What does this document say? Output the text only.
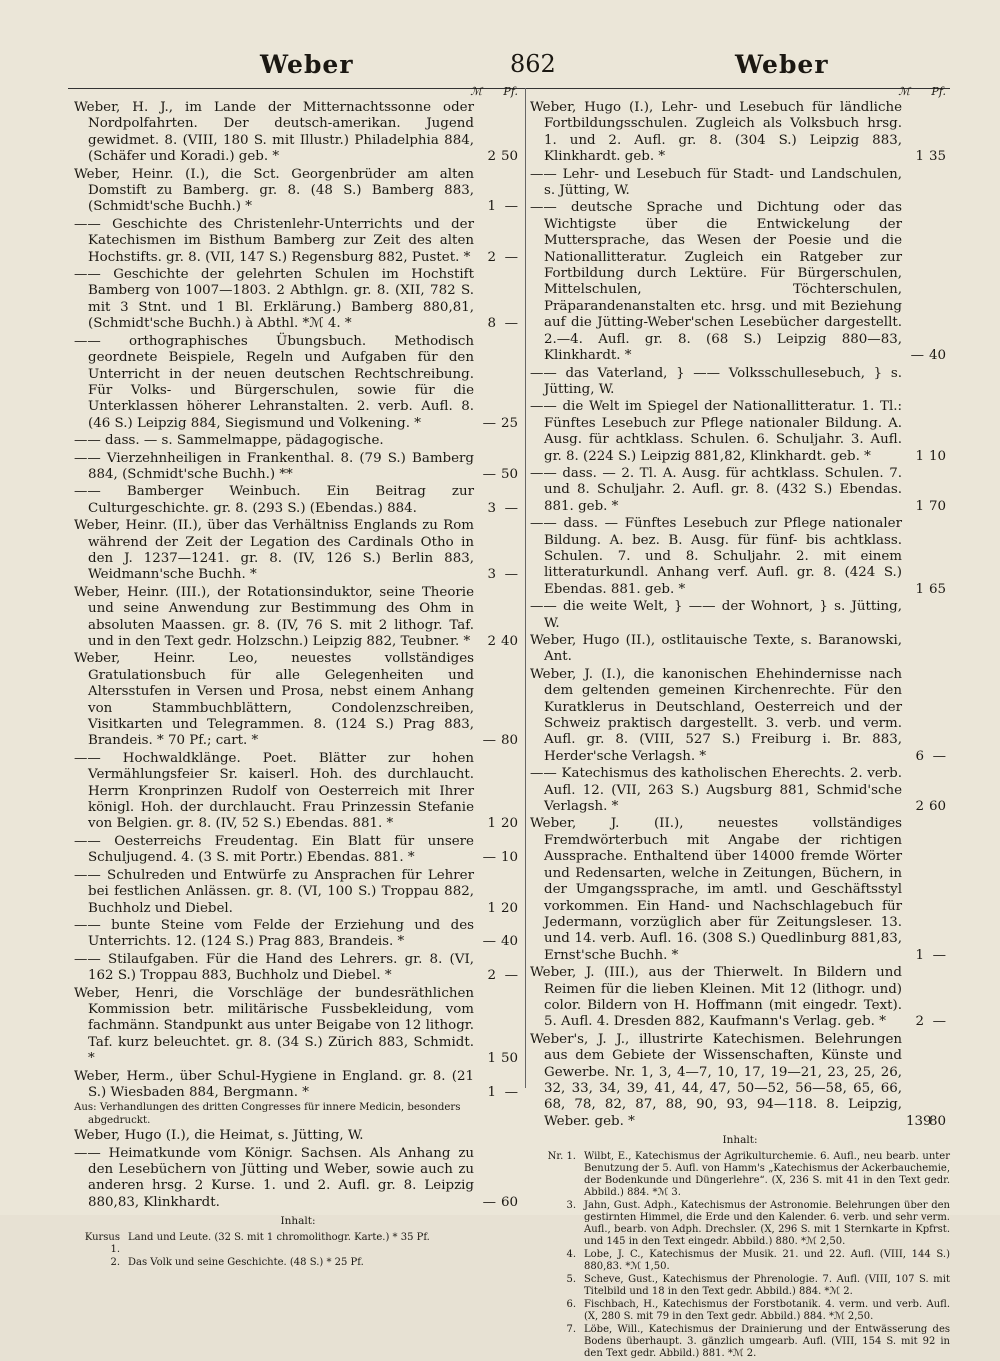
Weber	862	Weber
ℳ Pf.
Weber, H. J., im Lande der Mitternachtssonne oder Nordpolfahrten. Der deutsch-amerikan. Jugend gewidmet. 8. (VIII, 180 S. mit Illustr.) Philadelphia 884, (Schäfer und Koradi.) geb. *	2 50
Weber, Heinr. (I.), die Sct. Georgenbrüder am alten Domstift zu Bamberg. gr. 8. (48 S.) Bamberg 883, (Schmidt'sche Buchh.) *	1 —
—— Geschichte des Christenlehr-Unterrichts und der Katechismen im Bisthum Bamberg zur Zeit des alten Hochstifts. gr. 8. (VII, 147 S.) Regensburg 882, Pustet. *	2 —
—— Geschichte der gelehrten Schulen im Hochstift Bamberg von 1007—1803. 2 Abthlgn. gr. 8. (XII, 782 S. mit 3 Stnt. und 1 Bl. Erklärung.) Bamberg 880,81, (Schmidt'sche Buchh.) à Abthl. *ℳ 4. *	8 —
—— orthographisches Übungsbuch. Methodisch geordnete Beispiele, Regeln und Aufgaben für den Unterricht in der neuen deutschen Rechtschreibung. Für Volks- und Bürgerschulen, sowie für die Unterklassen höherer Lehranstalten. 2. verb. Aufl. 8. (46 S.) Leipzig 884, Siegismund und Volkening. *	— 25
—— dass. — s. Sammelmappe, pädagogische.
—— Vierzehnheiligen in Frankenthal. 8. (79 S.) Bamberg 884, (Schmidt'sche Buchh.) **	— 50
—— Bamberger Weinbuch. Ein Beitrag zur Culturgeschichte. gr. 8. (293 S.) (Ebendas.) 884.	3 —
Weber, Heinr. (II.), über das Verhältniss Englands zu Rom während der Zeit der Legation des Cardinals Otho in den J. 1237—1241. gr. 8. (IV, 126 S.) Berlin 883, Weidmann'sche Buchh. *	3 —
Weber, Heinr. (III.), der Rotationsinduktor, seine Theorie und seine Anwendung zur Bestimmung des Ohm in absoluten Maassen. gr. 8. (IV, 76 S. mit 2 lithogr. Taf. und in den Text gedr. Holzschn.) Leipzig 882, Teubner. *	2 40
Weber, Heinr. Leo, neuestes vollständiges Gratulationsbuch für alle Gelegenheiten und Altersstufen in Versen und Prosa, nebst einem Anhang von Stammbuchblättern, Condolenzschreiben, Visitkarten und Telegrammen. 8. (124 S.) Prag 883, Brandeis. * 70 Pf.; cart. *	— 80
—— Hochwaldklänge. Poet. Blätter zur hohen Vermählungsfeier Sr. kaiserl. Hoh. des durchlaucht. Herrn Kronprinzen Rudolf von Oesterreich mit Ihrer königl. Hoh. der durchlaucht. Frau Prinzessin Stefanie von Belgien. gr. 8. (IV, 52 S.) Ebendas. 881. *	1 20
—— Oesterreichs Freudentag. Ein Blatt für unsere Schuljugend. 4. (3 S. mit Portr.) Ebendas. 881. *	— 10
—— Schulreden und Entwürfe zu Ansprachen für Lehrer bei festlichen Anlässen. gr. 8. (VI, 100 S.) Troppau 882, Buchholz und Diebel.	1 20
—— bunte Steine vom Felde der Erziehung und des Unterrichts. 12. (124 S.) Prag 883, Brandeis. *	— 40
—— Stilaufgaben. Für die Hand des Lehrers. gr. 8. (VI, 162 S.) Troppau 883, Buchholz und Diebel. *	2 —
Weber, Henri, die Vorschläge der bundesräthlichen Kommission betr. militärische Fussbekleidung, vom fachmänn. Standpunkt aus unter Beigabe von 12 lithogr. Taf. kurz beleuchtet. gr. 8. (34 S.) Zürich 883, Schmidt. *	1 50
Weber, Herm., über Schul-Hygiene in England. gr. 8. (21 S.) Wiesbaden 884, Bergmann. *	1 —
Aus: Verhandlungen des dritten Congresses für innere Medicin, besonders abgedruckt.
Weber, Hugo (I.), die Heimat, s. Jütting, W.
—— Heimatkunde vom Königr. Sachsen. Als Anhang zu den Lesebüchern von Jütting und Weber, sowie auch zu anderen hrsg. 2 Kurse. 1. und 2. Aufl. gr. 8. Leipzig 880,83, Klinkhardt.	— 60
Inhalt:
Kursus 1.
Land und Leute. (32 S. mit 1 chromolithogr. Karte.) * 35 Pf.
2. Das Volk und seine Geschichte. (48 S.) * 25 Pf.
ℳ Pf.
Weber, Hugo (I.), Lehr- und Lesebuch für ländliche Fortbildungsschulen. Zugleich als Volksbuch hrsg. 1. und 2. Aufl. gr. 8. (304 S.) Leipzig 883, Klinkhardt. geb. *	1 35
—— Lehr- und Lesebuch für Stadt- und Landschulen, s. Jütting, W.
—— deutsche Sprache und Dichtung oder das Wichtigste über die Entwickelung der Muttersprache, das Wesen der Poesie und die Nationallitteratur. Zugleich ein Ratgeber zur Fortbildung durch Lektüre. Für Bürgerschulen, Mittelschulen, Töchterschulen, Präparandenanstalten etc. hrsg. und mit Beziehung auf die Jütting-Weber'schen Lesebücher dargestellt. 2.—4. Aufl. gr. 8. (68 S.) Leipzig 880—83, Klinkhardt. *	— 40
—— das Vaterland, } —— Volksschullesebuch, } s. Jütting, W.
—— die Welt im Spiegel der Nationallitteratur. 1. Tl.: Fünftes Lesebuch zur Pflege nationaler Bildung. A. Ausg. für achtklass. Schulen. 6. Schuljahr. 3. Aufl. gr. 8. (224 S.) Leipzig 881,82, Klinkhardt. geb. *	1 10
—— dass. — 2. Tl. A. Ausg. für achtklass. Schulen. 7. und 8. Schuljahr. 2. Aufl. gr. 8. (432 S.) Ebendas. 881. geb. *	1 70
—— dass. — Fünftes Lesebuch zur Pflege nationaler Bildung. A. bez. B. Ausg. für fünf- bis achtklass. Schulen. 7. und 8. Schuljahr. 2. mit einem litteraturkundl. Anhang verf. Aufl. gr. 8. (424 S.) Ebendas. 881. geb. *	1 65
—— die weite Welt, } —— der Wohnort, } s. Jütting, W.
Weber, Hugo (II.), ostlitauische Texte, s. Baranowski, Ant.
Weber, J. (I.), die kanonischen Ehehindernisse nach dem geltenden gemeinen Kirchenrechte. Für den Kuratklerus in Deutschland, Oesterreich und der Schweiz praktisch dargestellt. 3. verb. und verm. Aufl. gr. 8. (VIII, 527 S.) Freiburg i. Br. 883, Herder'sche Verlagsh. *	6 —
—— Katechismus des katholischen Eherechts. 2. verb. Aufl. 12. (VII, 263 S.) Augsburg 881, Schmid'sche Verlagsh. *	2 60
Weber, J. (II.), neuestes vollständiges Fremdwörterbuch mit Angabe der richtigen Aussprache. Enthaltend über 14000 fremde Wörter und Redensarten, welche in Zeitungen, Büchern, in der Umgangssprache, im amtl. und Geschäftsstyl vorkommen. Ein Hand- und Nachschlagebuch für Jedermann, vorzüglich aber für Zeitungsleser. 13. und 14. verb. Aufl. 16. (308 S.) Quedlinburg 881,83, Ernst'sche Buchh. *	1 —
Weber, J. (III.), aus der Thierwelt. In Bildern und Reimen für die lieben Kleinen. Mit 12 (lithogr. und) color. Bildern von H. Hoffmann (mit eingedr. Text). 5. Aufl. 4. Dresden 882, Kaufmann's Verlag. geb. *	2 —
Weber's, J. J., illustrirte Katechismen. Belehrungen aus dem Gebiete der Wissenschaften, Künste und Gewerbe. Nr. 1, 3, 4—7, 10, 17, 19—21, 23, 25, 26, 32, 33, 34, 39, 41, 44, 47, 50—52, 56—58, 65, 66, 68, 78, 82, 87, 88, 90, 93, 94—118. 8. Leipzig, Weber. geb. *	13980
Inhalt:
Nr. 1. Wilbt, E., Katechismus der Agrikulturchemie. 6. Aufl., neu bearb. unter Benutzung der 5. Aufl. von Hamm's „Katechismus der Ackerbauchemie, der Bodenkunde und Düngerlehre“. (X, 236 S. mit 41 in den Text gedr. Abbild.) 884. *ℳ 3.
3. Jahn, Gust. Adph., Katechismus der Astronomie. Belehrungen über den gestirnten Himmel, die Erde und den Kalender. 6. verb. und sehr verm. Aufl., bearb. von Adph. Drechsler. (X, 296 S. mit 1 Sternkarte in Kpfrst. und 145 in den Text eingedr. Abbild.) 880. *ℳ 2,50.
4. Lobe, J. C., Katechismus der Musik. 21. und 22. Aufl. (VIII, 144 S.) 880,83. *ℳ 1,50.
5. Scheve, Gust., Katechismus der Phrenologie. 7. Aufl. (VIII, 107 S. mit Titelbild und 18 in den Text gedr. Abbild.) 884. *ℳ 2.
6. Fischbach, H., Katechismus der Forstbotanik. 4. verm. und verb. Aufl. (X, 280 S. mit 79 in den Text gedr. Abbild.) 884. *ℳ 2,50.
7. Löbe, Will., Katechismus der Drainierung und der Entwässerung des Bodens überhaupt. 3. gänzlich umgearb. Aufl. (VIII, 154 S. mit 92 in den Text gedr. Abbild.) 881. *ℳ 2.
